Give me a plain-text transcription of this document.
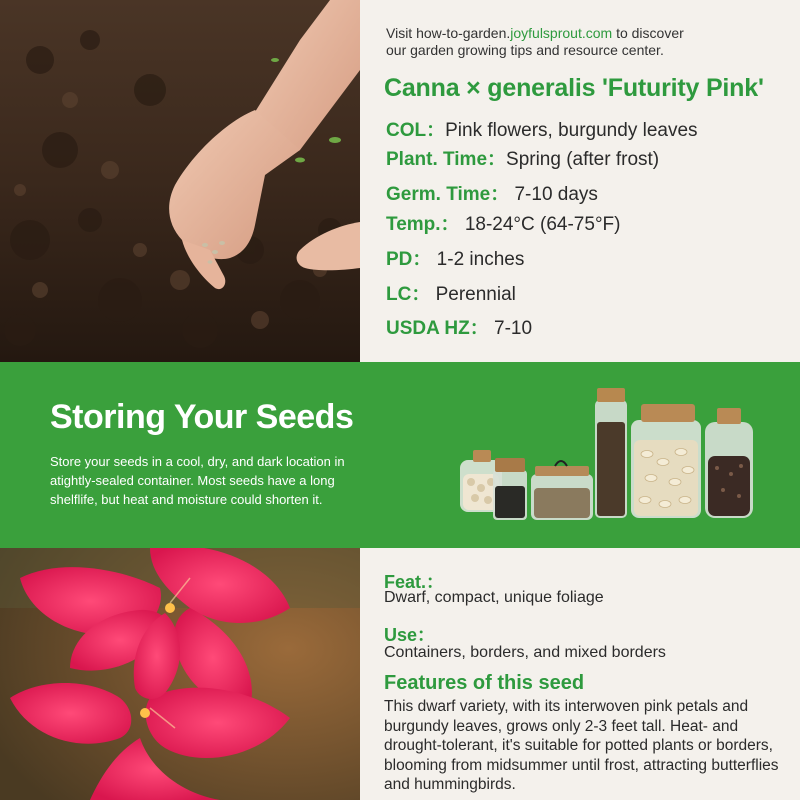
Visit how-to-garden.joyfulsprout.com to discover
our garden growing tips and resource center.
Canna × generalis 'Futurity Pink'
COL：Pink flowers, burgundy leaves
Plant. Time：Spring (after frost)
Germ. Time： 7-10 days
Temp.： 18-24°C (64-75°F)
PD： 1-2 inches
LC： Perennial
USDA HZ： 7-10
Storing Your Seeds
Store your seeds in a cool, dry, and dark location in atightly-sealed container. Most seeds have a long shelflife, but heat and moisture could shorten it.
Feat.：
Dwarf, compact, unique foliage
Use：
Containers, borders, and mixed borders
Features of this seed
This dwarf variety, with its interwoven pink petals and burgundy leaves, grows only 2-3 feet tall. Heat- and drought-tolerant, it's suitable for potted plants or borders, blooming from midsummer until frost, attracting butterflies and hummingbirds.
